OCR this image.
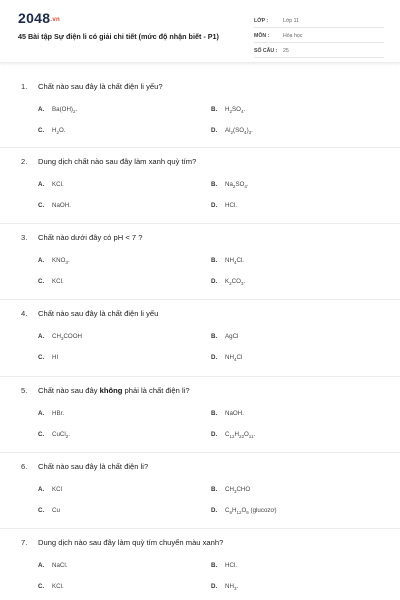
2048.vn
45 Bài tập Sự điện li có giải chi tiết (mức độ nhận biết - P1)
LỚP :	Lớp 11
MÔN :	Hóa học
SỐ CÂU :	25
1. Chất nào sau đây là chất điện li yếu?
A. $Ba(OH)_2$.	B. $H_2SO_4$.
C. $H_2O$.	D. $Al_2(SO_4)_3$.
2. Dung dịch chất nào sau đây làm xanh quỳ tím?
A. KCl.	B. $Na_2SO_4$.
C. NaOH.	D. HCl.
3. Chất nào dưới đây có pH < 7 ?
A. $KNO_3$.	B. $NH_4Cl$.
C. KCl.	D. $K_2CO_3$.
4. Chất nào sau đây là chất điện li yếu
A. $CH_3COOH$	B. AgCl
C. HI	D. $NH_4Cl$
5. Chất nào sau đây không phải là chất điện li?
A. HBr.	B. NaOH.
C. CuCl$_2$.	D. $C_{12}H_{22}O_{11}$.
6. Chất nào sau đây là chất điện li?
A. KCl	B. $CH_3CHO$
C. Cu	D. $C_6H_{12}O_6$ (glucozơ)
7. Dung dịch nào sau đây làm quỳ tím chuyển màu xanh?
A. NaCl.	B. HCl.
C. KCl.	D. $NH_3$.
